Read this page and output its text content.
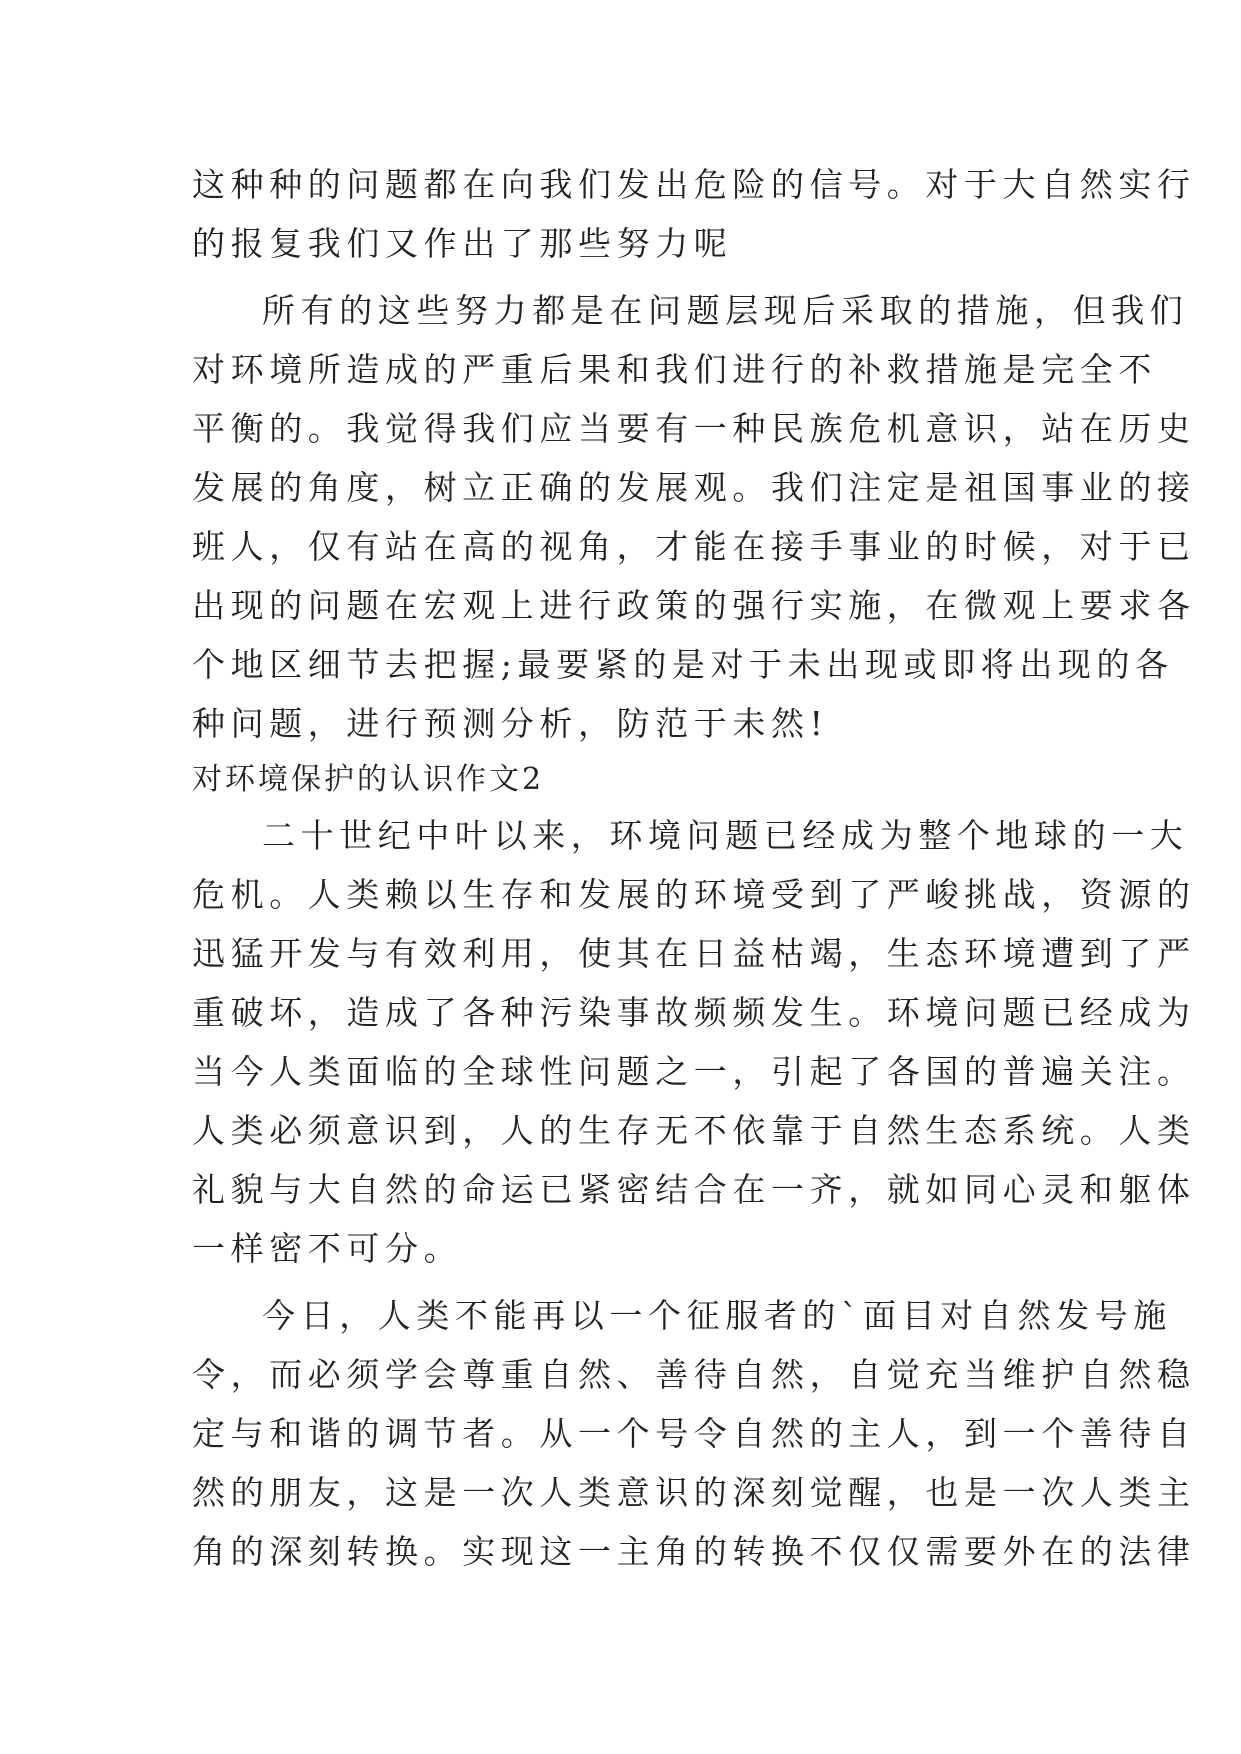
这种种的问题都在向我们发出危险的信号。对于大自然实行
的报复我们又作出了那些努力呢
所有的这些努力都是在问题层现后采取的措施，但我们
对环境所造成的严重后果和我们进行的补救措施是完全不
平衡的。我觉得我们应当要有一种民族危机意识，站在历史
发展的角度，树立正确的发展观。我们注定是祖国事业的接
班人，仅有站在高的视角，才能在接手事业的时候，对于已
出现的问题在宏观上进行政策的强行实施，在微观上要求各
个地区细节去把握;最要紧的是对于未出现或即将出现的各
种问题，进行预测分析，防范于未然!
对环境保护的认识作文2
二十世纪中叶以来，环境问题已经成为整个地球的一大
危机。人类赖以生存和发展的环境受到了严峻挑战，资源的
迅猛开发与有效利用，使其在日益枯竭，生态环境遭到了严
重破坏，造成了各种污染事故频频发生。环境问题已经成为
当今人类面临的全球性问题之一，引起了各国的普遍关注。
人类必须意识到，人的生存无不依靠于自然生态系统。人类
礼貌与大自然的命运已紧密结合在一齐，就如同心灵和躯体
一样密不可分。
今日，人类不能再以一个征服者的`面目对自然发号施
令，而必须学会尊重自然、善待自然，自觉充当维护自然稳
定与和谐的调节者。从一个号令自然的主人，到一个善待自
然的朋友，这是一次人类意识的深刻觉醒，也是一次人类主
角的深刻转换。实现这一主角的转换不仅仅需要外在的法律
